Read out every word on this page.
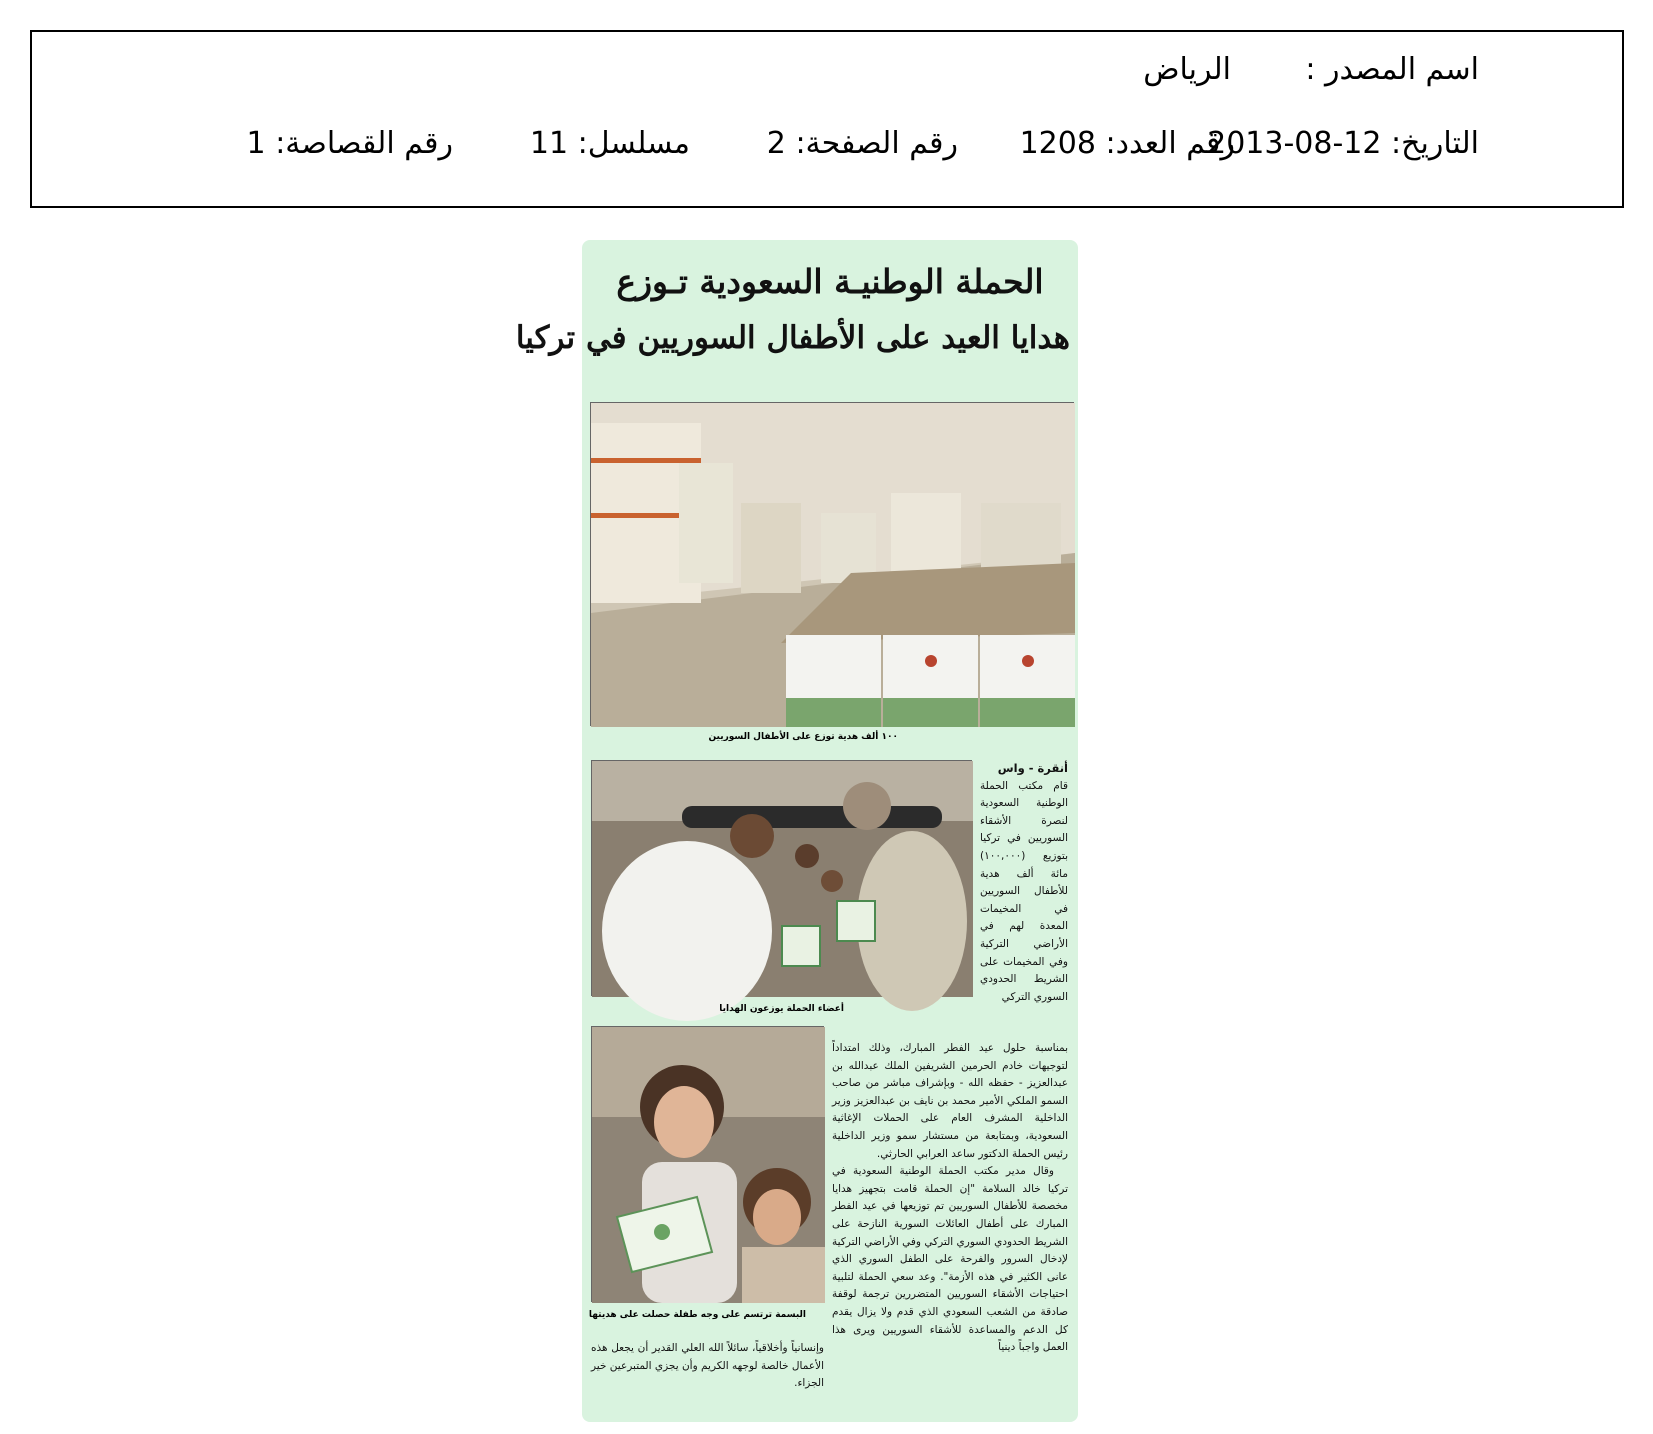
اسم المصدر :
الرياض
التاريخ: 2013-08-12
رقم العدد: 1208
رقم الصفحة: 2
مسلسل: 11
رقم القصاصة: 1
الحملة الوطنيـة السعودية تـوزع
هدايا العيد على الأطفال السوريين في تركيا
١٠٠ ألف هدية توزع على الأطفال السوريين
أعضاء الحملة يوزعون الهدايا
البسمة ترتسم على وجه طفلة حصلت على هديتها

أنقرة - واس

قام مكتب الحملة الوطنية السعودية لنصرة الأشقاء السوريين في تركيا بتوزيع (١٠٠,٠٠٠) مائة ألف هدية للأطفال السوريين في المخيمات المعدة لهم في الأراضي التركية وفي المخيمات على الشريط الحدودي السوري التركي

بمناسبة حلول عيد الفطر المبارك، وذلك امتداداً لتوجيهات خادم الحرمين الشريفين الملك عبدالله بن عبدالعزيز - حفظه الله - وبإشراف مباشر من صاحب السمو الملكي الأمير محمد بن نايف بن عبدالعزيز وزير الداخلية المشرف العام على الحملات الإغاثية السعودية، وبمتابعة من مستشار سمو وزير الداخلية رئيس الحملة الدكتور ساعد العرابي الحارثي.

وقال مدير مكتب الحملة الوطنية السعودية في تركيا خالد السلامة "إن الحملة قامت بتجهيز هدايا مخصصة للأطفال السوريين تم توزيعها في عيد الفطر المبارك على أطفال العائلات السورية النازحة على الشريط الحدودي السوري التركي وفي الأراضي التركية لإدخال السرور والفرحة على الطفل السوري الذي عانى الكثير في هذه الأزمة". وعد سعي الحملة لتلبية احتياجات الأشقاء السوريين المتضررين ترجمة لوقفة صادقة من الشعب السعودي الذي قدم ولا يزال يقدم كل الدعم والمساعدة للأشقاء السوريين ويرى هذا العمل واجباً دينياً

وإنسانياً وأخلاقياً، سائلاً الله العلي القدير أن يجعل هذه الأعمال خالصة لوجهه الكريم وأن يجزي المتبرعين خير الجزاء.
